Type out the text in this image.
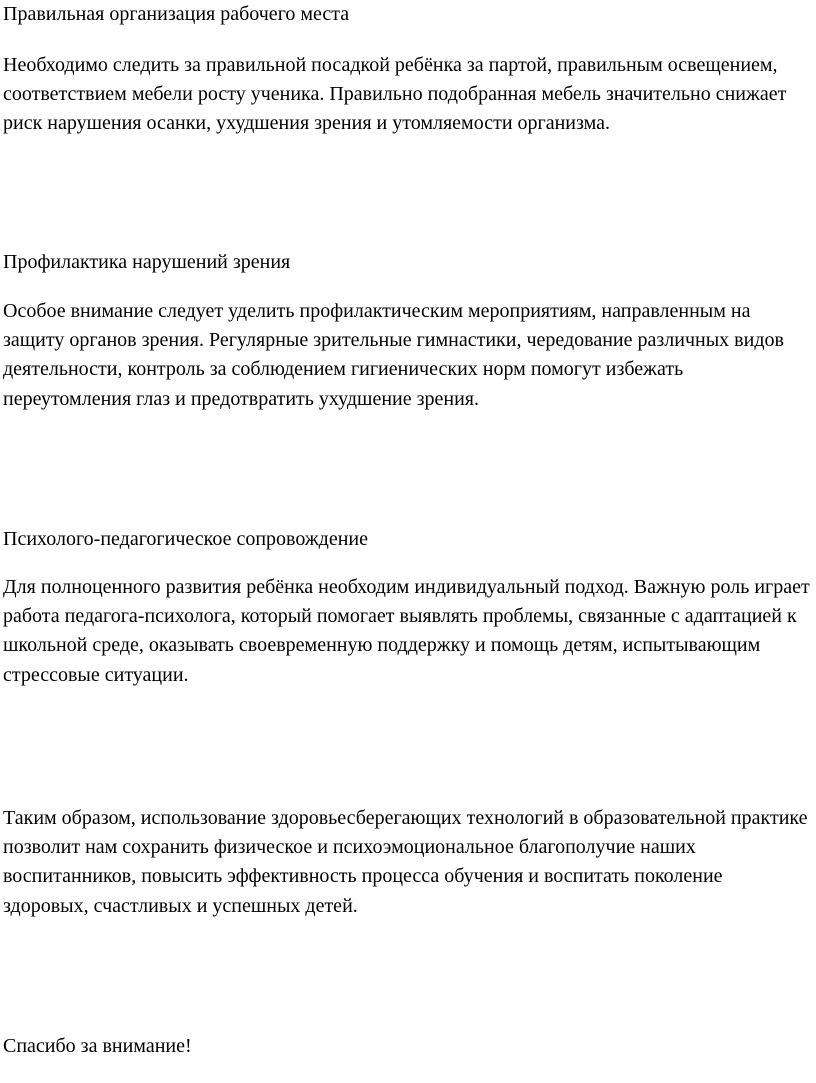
Правильная организация рабочего места

Необходимо следить за правильной посадкой ребёнка за партой, правильным освещением, соответствием мебели росту ученика. Правильно подобранная мебель значительно снижает риск нарушения осанки, ухудшения зрения и утомляемости организма.

Профилактика нарушений зрения

Особое внимание следует уделить профилактическим мероприятиям, направленным на защиту органов зрения. Регулярные зрительные гимнастики, чередование различных видов деятельности, контроль за соблюдением гигиенических норм помогут избежать переутомления глаз и предотвратить ухудшение зрения.

Психолого-педагогическое сопровождение

Для полноценного развития ребёнка необходим индивидуальный подход. Важную роль играет работа педагога-психолога, который помогает выявлять проблемы, связанные с адаптацией к школьной среде, оказывать своевременную поддержку и помощь детям, испытывающим стрессовые ситуации.

Таким образом, использование здоровьесберегающих технологий в образовательной практике позволит нам сохранить физическое и психоэмоциональное благополучие наших воспитанников, повысить эффективность процесса обучения и воспитать поколение здоровых, счастливых и успешных детей.

Спасибо за внимание!
